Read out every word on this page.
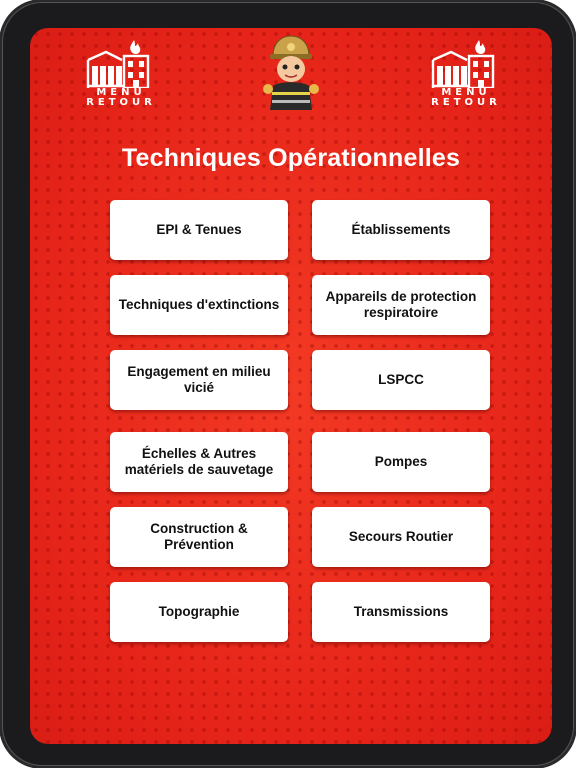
MENU
RETOUR
MENU
RETOUR
Techniques Opérationnelles
EPI & Tenues	Établissements
Techniques d'extinctions
Appareils de protection respiratoire
Engagement en milieu vicié
LSPCC
Échelles & Autres matériels de sauvetage
Pompes
Construction & Prévention
Secours Routier
Topographie	Transmissions
